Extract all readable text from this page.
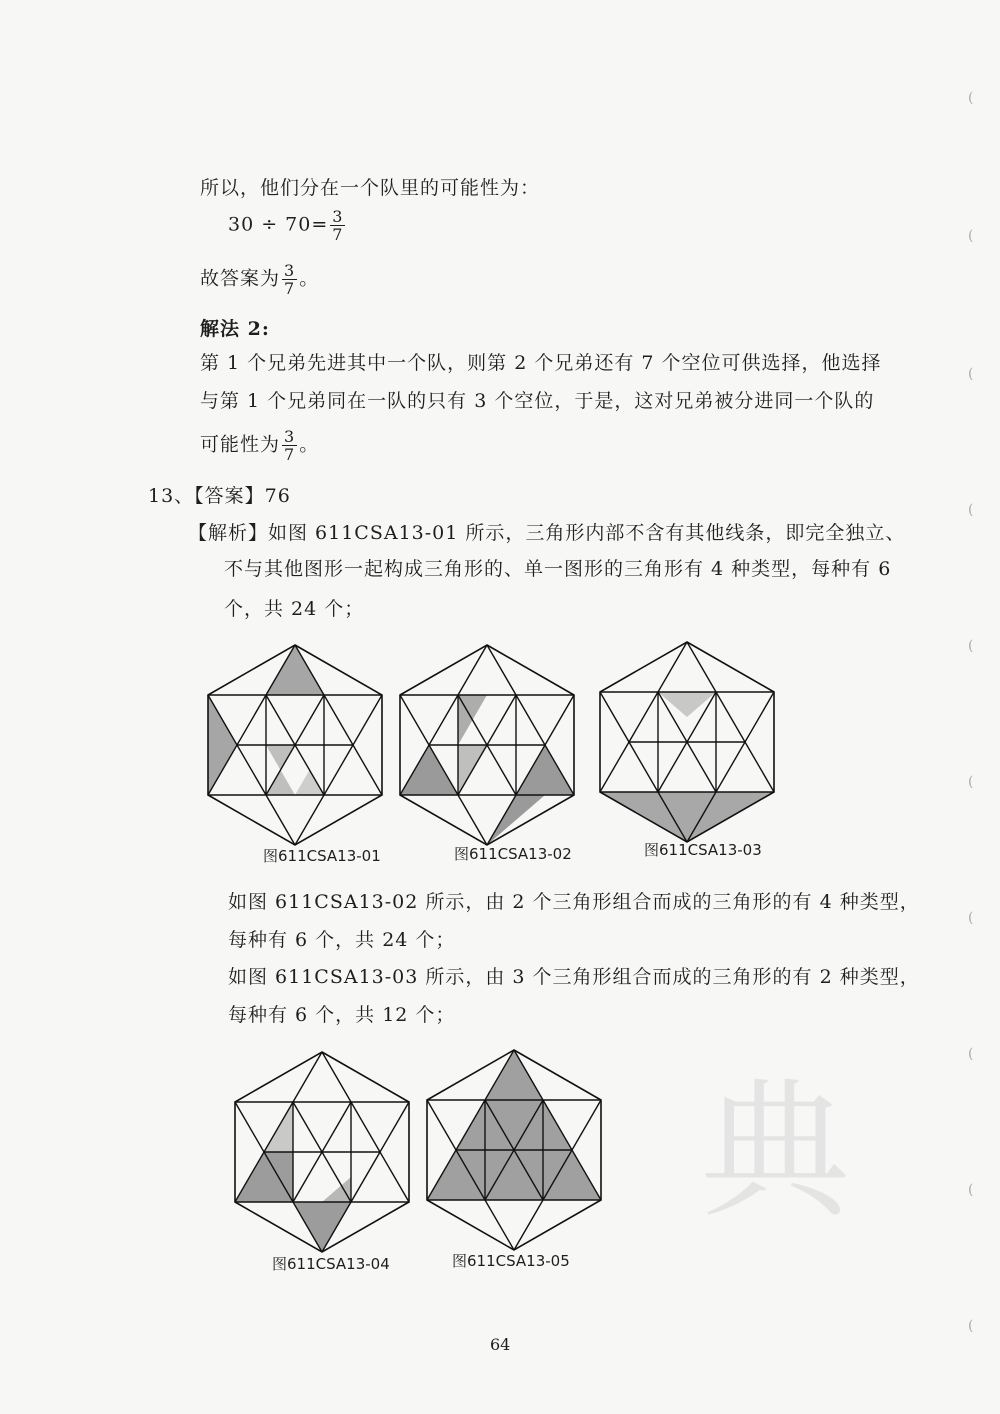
典
(
(
(
(
(
(
(
(
(
(
所以，他们分在一个队里的可能性为：
$30 \div 70= \frac{3}{7}$
故答案为 $\frac{3}{7}$ 。
解法 2:
第 1 个兄弟先进其中一个队，则第 2 个兄弟还有 7 个空位可供选择，他选择
与第 1 个兄弟同在一队的只有 3 个空位，于是，这对兄弟被分进同一个队的
可能性为 $\frac{3}{7}$ 。
13、【答案】76
【解析】如图 611CSA13-01 所示，三角形内部不含有其他线条，即完全独立、
不与其他图形一起构成三角形的、单一图形的三角形有 4 种类型，每种有 6
个，共 24 个；
图611CSA13-01	图611CSA13-02	图611CSA13-03
如图 611CSA13-02 所示，由 2 个三角形组合而成的三角形的有 4 种类型，
每种有 6 个，共 24 个；
如图 611CSA13-03 所示，由 3 个三角形组合而成的三角形的有 2 种类型，
每种有 6 个，共 12 个；
图611CSA13-04	图611CSA13-05
64
